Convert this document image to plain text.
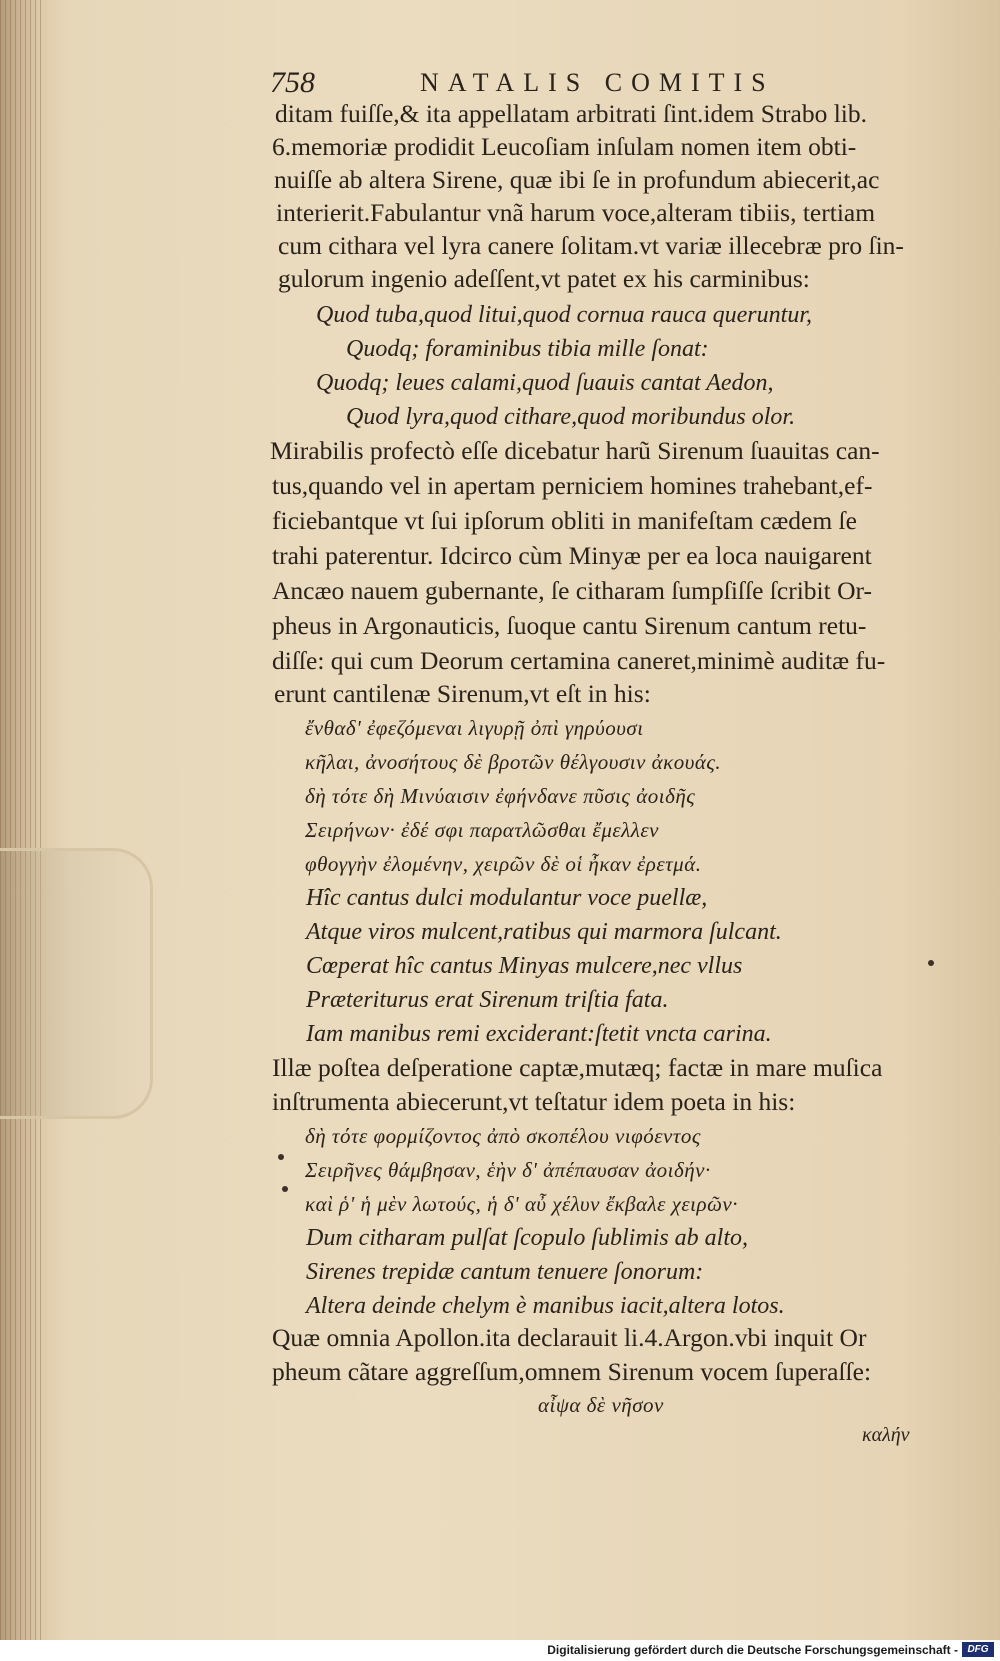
758	NATALIS COMITIS
ditam fuiſſe,& ita appellatam arbitrati ſint.idem Strabo lib.
6.memoriæ prodidit Leucoſiam inſulam nomen item obti-
nuiſſe ab altera Sirene, quæ ibi ſe in profundum abiecerit,ac
interierit.Fabulantur vnã harum voce,alteram tibiis, tertiam
cum cithara vel lyra canere ſolitam.vt variæ illecebræ pro ſin-
gulorum ingenio adeſſent,vt patet ex his carminibus:
Quod tuba,quod litui,quod cornua rauca queruntur,
Quodq; foraminibus tibia mille ſonat:
Quodq; leues calami,quod ſuauis cantat Aedon,
Quod lyra,quod cithare,quod moribundus olor.
Mirabilis profectò eſſe dicebatur harũ Sirenum ſuauitas can-
tus,quando vel in apertam perniciem homines trahebant,ef-
ficiebantque vt ſui ipſorum obliti in manifeſtam cædem ſe
trahi paterentur. Idcirco cùm Minyæ per ea loca nauigarent
Ancæo nauem gubernante, ſe citharam ſumpſiſſe ſcribit Or-
pheus in Argonauticis, ſuoque cantu Sirenum cantum retu-
diſſe: qui cum Deorum certamina caneret,minimè auditæ fu-
erunt cantilenæ Sirenum,vt eſt in his:
ἔνθαδ' ἐφεζόμεναι λιγυρῇ ὀπὶ γηρύουσι
κῆλαι, ἀνοσήτους δὲ βροτῶν θέλγουσιν ἀκουάς.
δὴ τότε δὴ Μινύαισιν ἐφήνδανε πῦσις ἀοιδῆς
Σειρήνων· ἐδέ σφι παρατλῶσθαι ἔμελλεν
φθογγὴν ἐλομένην, χειρῶν δὲ οἱ ἦκαν ἐρετμά.
Hîc cantus dulci modulantur voce puellæ,
Atque viros mulcent,ratibus qui marmora ſulcant.
Cœperat hîc cantus Minyas mulcere,nec vllus
Præteriturus erat Sirenum triſtia fata.
Iam manibus remi exciderant:ſtetit vncta carina.
Illæ poſtea deſperatione captæ,mutæq; factæ in mare muſica
inſtrumenta abiecerunt,vt teſtatur idem poeta in his:
δὴ τότε φορμίζοντος ἀπὸ σκοπέλου νιφόεντος
Σειρῆνες θάμβησαν, ἑὴν δ' ἀπέπαυσαν ἀοιδήν·
καὶ ῥ' ἡ μὲν λωτούς, ἡ δ' αὖ χέλυν ἔκβαλε χειρῶν·
Dum citharam pulſat ſcopulo ſublimis ab alto,
Sirenes trepidæ cantum tenuere ſonorum:
Altera deinde chelym è manibus iacit,altera lotos.
Quæ omnia Apollon.ita declarauit li.4.Argon.vbi inquit Or
pheum cãtare aggreſſum,omnem Sirenum vocem ſuperaſſe:
αἶψα δὲ νῆσον
καλήν
Digitalisierung gefördert durch die Deutsche Forschungsgemeinschaft - DFG
